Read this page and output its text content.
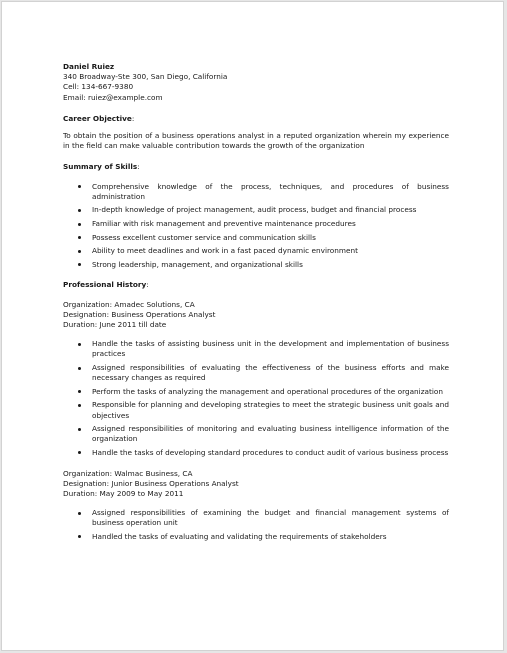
Daniel Ruiez
340 Broadway-Ste 300, San Diego, California
Cell: 134-667-9380
Email: ruiez@example.com
Career Objective:
To obtain the position of a business operations analyst in a reputed organization wherein my experience in the field can make valuable contribution towards the growth of the organization
Summary of Skills:
Comprehensive knowledge of the process, techniques, and procedures of business administration
In-depth knowledge of project management, audit process, budget and financial process
Familiar with risk management and preventive maintenance procedures
Possess excellent customer service and communication skills
Ability to meet deadlines and work in a fast paced dynamic environment
Strong leadership, management, and organizational skills
Professional History:
Organization: Amadec Solutions, CA
Designation: Business Operations Analyst
Duration: June 2011 till date
Handle the tasks of assisting business unit in the development and implementation of business practices
Assigned responsibilities of evaluating the effectiveness of the business efforts and make necessary changes as required
Perform the tasks of analyzing the management and operational procedures of the organization
Responsible for planning and developing strategies to meet the strategic business unit goals and objectives
Assigned responsibilities of monitoring and evaluating business intelligence information of the organization
Handle the tasks of developing standard procedures to conduct audit of various business process
Organization: Walmac Business, CA
Designation: Junior Business Operations Analyst
Duration: May 2009 to May 2011
Assigned responsibilities of examining the budget and financial management systems of business operation unit
Handled the tasks of evaluating and validating the requirements of stakeholders
